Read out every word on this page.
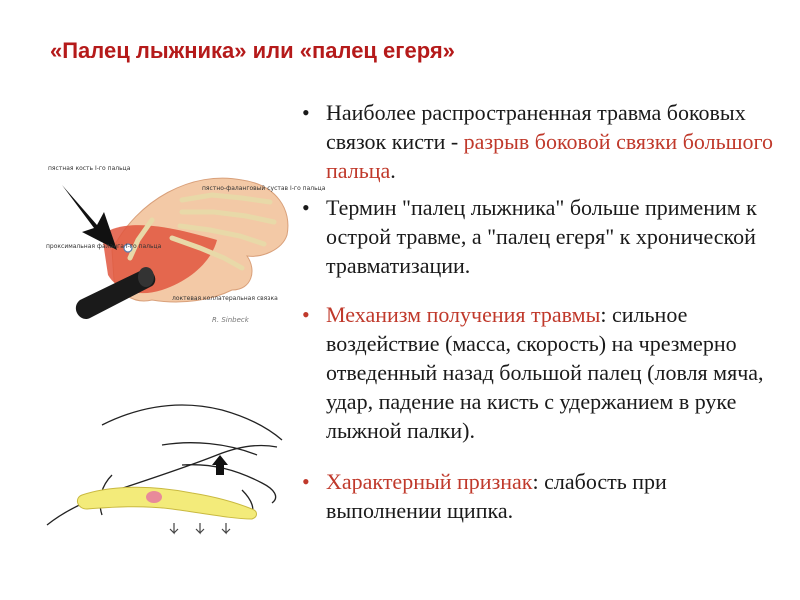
«Палец лыжника» или «палец егеря»
пястная кость I-го пальца
пястно-фаланговый сустав I-го пальца
проксимальная фаланга I-го пальца
локтевая коллатеральная связка
R. Sinbeck
• Наиболее распространенная травма боковых связок кисти - разрыв боковой связки большого пальца.
• Термин "палец лыжника" больше применим к острой травме, а "палец егеря" к хронической травматизации.
• Механизм получения травмы: сильное воздействие (масса, скорость) на чрезмерно отведенный назад большой палец (ловля мяча, удар, падение на кисть с удержанием в руке лыжной палки).
• Характерный признак: слабость при выполнении щипка.
